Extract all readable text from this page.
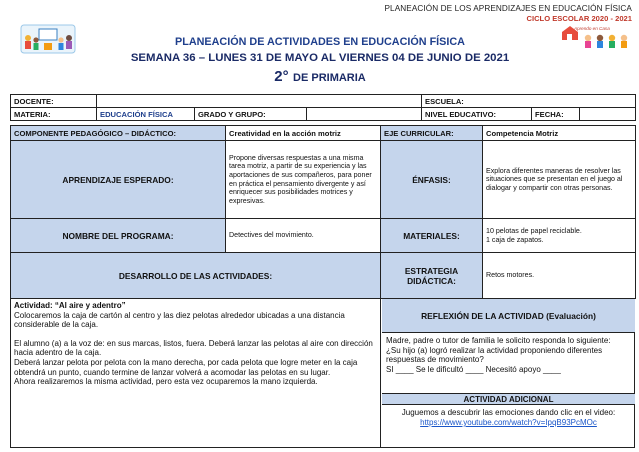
PLANEACIÓN DE LOS APRENDIZAJES EN EDUCACIÓN FÍSICA
CICLO ESCOLAR 2020 - 2021
Aprendo en Casa
PLANEACIÓN DE ACTIVIDADES EN EDUCACIÓN FÍSICA
SEMANA 36 – LUNES 31 DE MAYO AL VIERNES 04 DE JUNIO DE 2021
2° DE PRIMARIA
DOCENTE:				ESCUELA:		
MATERIA:	EDUCACIÓN FÍSICA	GRADO Y GRUPO:		NIVEL EDUCATIVO:	FECHA:	
COMPONENTE PEDAGÓGICO – DIDÁCTICO:	Creatividad en la acción motriz	EJE CURRICULAR:	Competencia Motriz
APRENDIZAJE ESPERADO:	Propone diversas respuestas a una misma tarea motriz, a partir de su experiencia y las aportaciones de sus compañeros, para poner en práctica el pensamiento divergente y así enriquecer sus posibilidades motrices y expresivas.	ÉNFASIS:	Explora diferentes maneras de resolver las situaciones que se presentan en el juego al dialogar y compartir con otras personas.
NOMBRE DEL PROGRAMA:	Detectives del movimiento.	MATERIALES:	10 pelotas de papel reciclable.
1 caja de zapatos.

DESARROLLO DE LAS ACTIVIDADES:		ESTRATEGIA DIDÁCTICA:	Retos motores.

Actividad: “Al aire y adentro”

Colocaremos la caja de cartón al centro y las diez pelotas alrededor ubicadas a una distancia considerable de la caja.

El alumno (a) a la voz de: en sus marcas, listos, fuera. Deberá lanzar las pelotas al aire con dirección hacia adentro de la caja.

Deberá lanzar pelota por pelota con la mano derecha, por cada pelota que logre meter en la caja obtendrá un punto, cuando termine de lanzar volverá a acomodar las pelotas en su lugar.

Ahora realizaremos la misma actividad, pero esta vez ocuparemos la mano izquierda.

REFLEXIÓN DE LA ACTIVIDAD (Evaluación)
Madre, padre o tutor de familia le solicito responda lo siguiente:
¿Su hijo (a) logró realizar la actividad proponiendo diferentes respuestas de movimiento?
SI ____ Se le dificultó ____ Necesitó apoyo ____
ACTIVIDAD ADICIONAL
Juguemos a descubrir las emociones dando clic en el video:
https://www.youtube.com/watch?v=IpqB93PcMOc
